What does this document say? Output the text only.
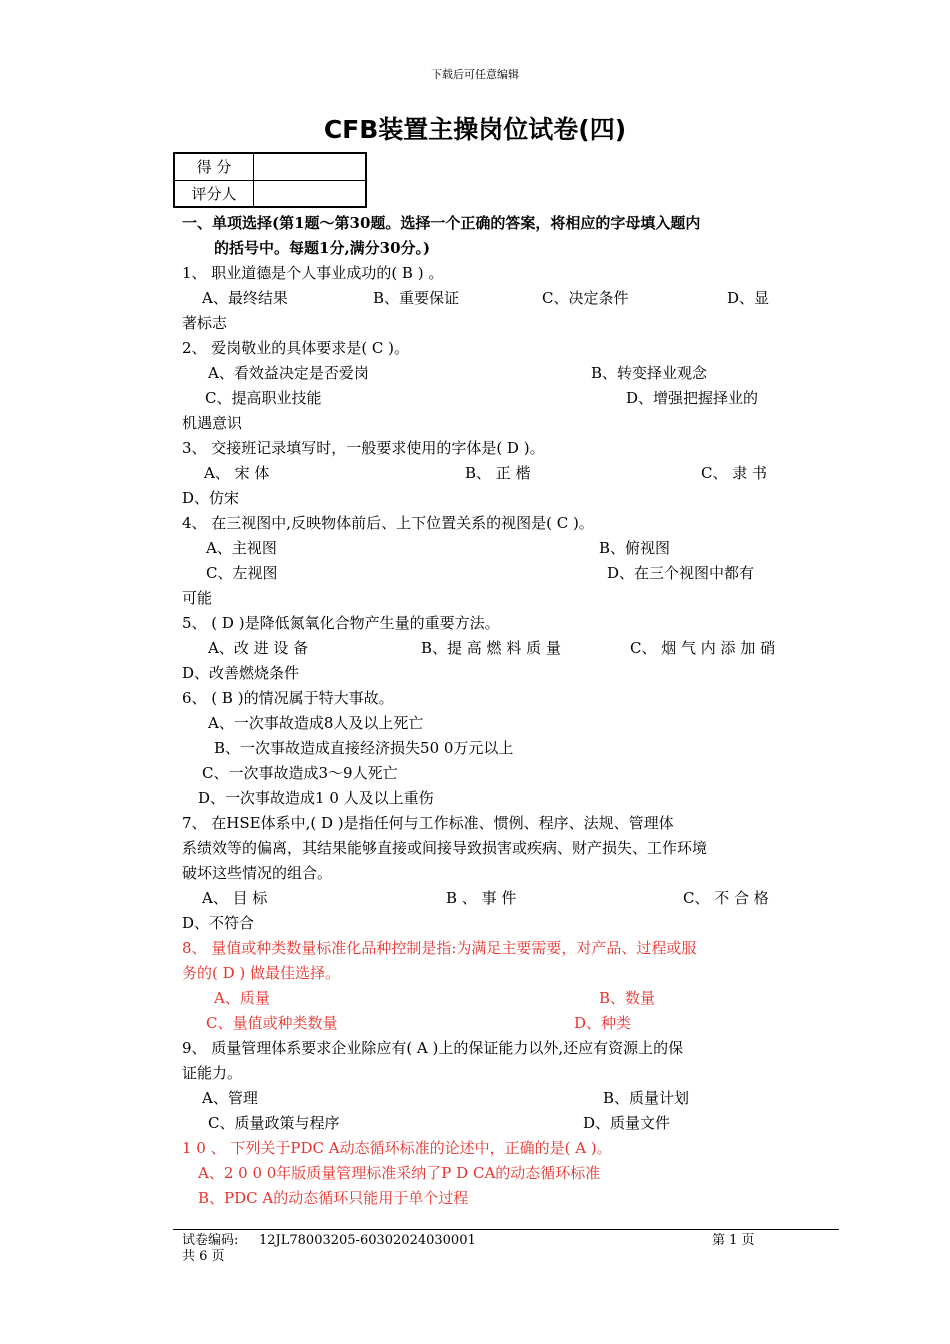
下载后可任意编辑
CFB装置主操岗位试卷(四)
得 分
评分人
一、单项选择(第1题～第30题。选择一个正确的答案，将相应的字母填入题内
的括号中。每题1分,满分30分。)
1、 职业道德是个人事业成功的( B ) 。
A、最终结果	B、重要保证	C、决定条件	D、显
著标志
2、 爱岗敬业的具体要求是( C )。
A、看效益决定是否爱岗	B、转变择业观念
C、提高职业技能	D、增强把握择业的
机遇意识
3、 交接班记录填写时，一般要求使用的字体是( D )。
A、 宋 体	B、 正 楷	C、 隶 书
D、仿宋
4、 在三视图中,反映物体前后、上下位置关系的视图是( C )。
A、主视图	B、俯视图
C、左视图	D、在三个视图中都有
可能
5、 ( D )是降低氮氧化合物产生量的重要方法。
A、改 进 设 备	B、提 高 燃 料 质 量	C、 烟 气 内 添 加 硝
D、改善燃烧条件
6、 ( B )的情况属于特大事故。
A、一次事故造成8人及以上死亡
B、一次事故造成直接经济损失50 0万元以上
C、一次事故造成3～9人死亡
D、一次事故造成1 0 人及以上重伤
7、 在HSE体系中,( D )是指任何与工作标准、惯例、程序、法规、管理体
系绩效等的偏离，其结果能够直接或间接导致损害或疾病、财产损失、工作环境
破坏这些情况的组合。
A、 目 标	B 、 事 件	C、 不 合 格
D、不符合
8、 量值或种类数量标准化品种控制是指:为满足主要需要，对产品、过程或服
务的( D ) 做最佳选择。
A、质量	B、数量
C、量值或种类数量	D、种类
9、 质量管理体系要求企业除应有( A )上的保证能力以外,还应有资源上的保
证能力。
A、管理	B、质量计划
C、质量政策与程序	D、质量文件
1 0 、 下列关于PDC A动态循环标准的论述中，正确的是( A )。
A、2 0 0 0年版质量管理标准采纳了P D CA的动态循环标准
B、PDC A的动态循环只能用于单个过程
试卷编码: 12JL78003205-60302024030001	第 1 页
共 6 页
